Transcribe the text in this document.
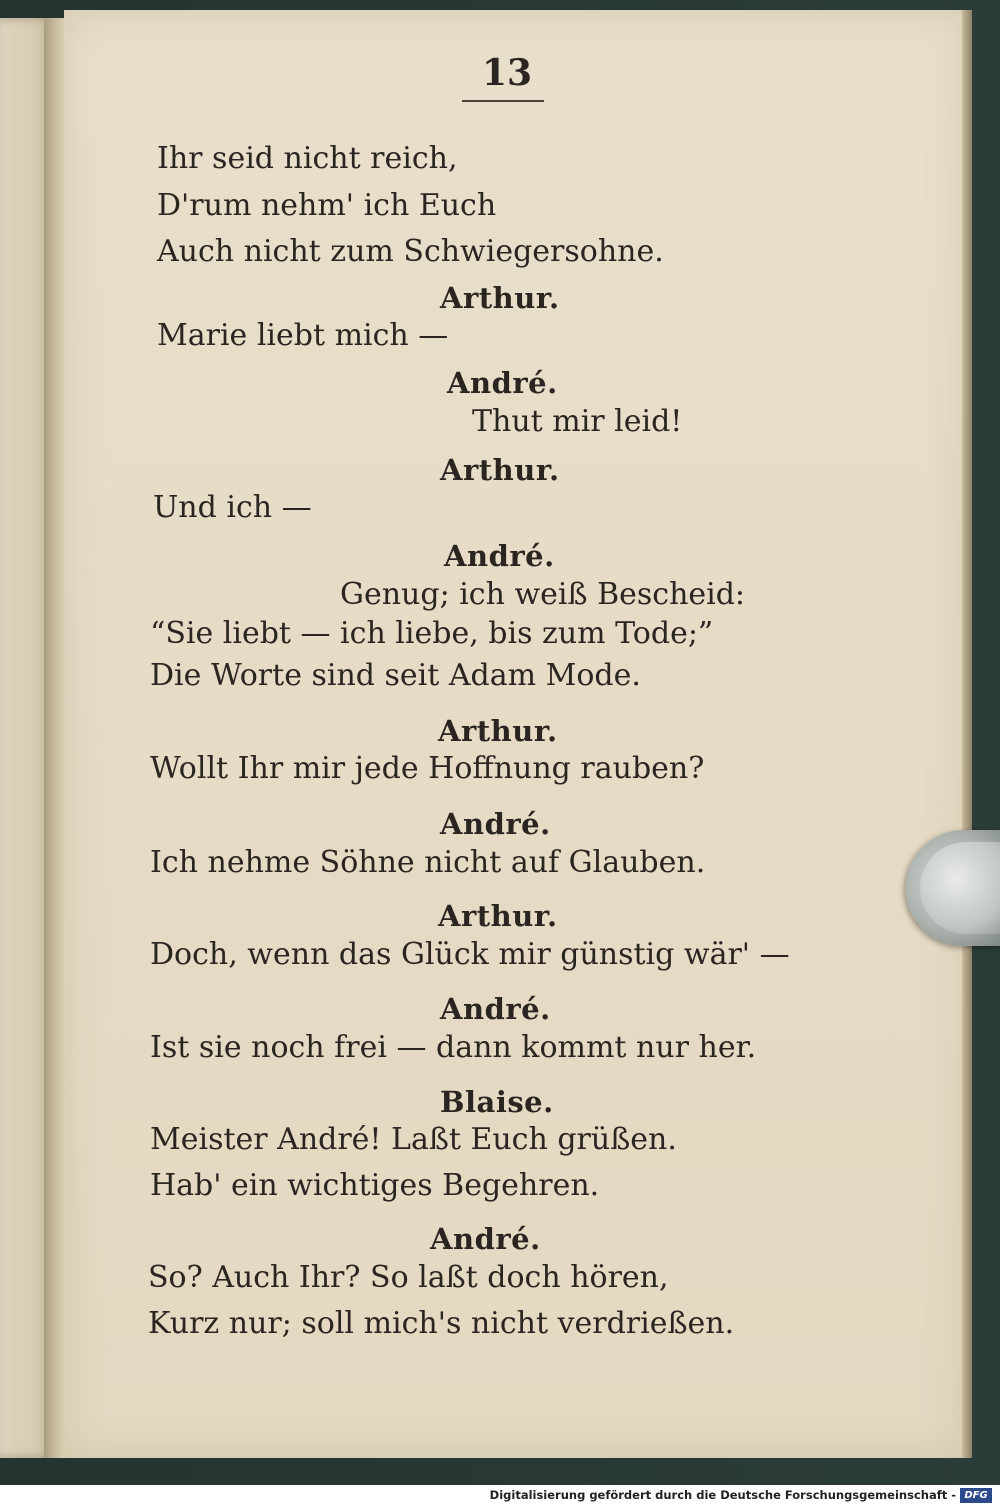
13
Ihr seid nicht reich,
D'rum nehm' ich Euch
Auch nicht zum Schwiegersohne.
Arthur.
Marie liebt mich —
André.
Thut mir leid!
Arthur.
Und ich —
André.
Genug; ich weiß Bescheid:
“Sie liebt — ich liebe, bis zum Tode;”
Die Worte sind seit Adam Mode.
Arthur.
Wollt Ihr mir jede Hoffnung rauben?
André.
Ich nehme Söhne nicht auf Glauben.
Arthur.
Doch, wenn das Glück mir günstig wär' —
André.
Ist sie noch frei — dann kommt nur her.
Blaise.
Meister André! Laßt Euch grüßen.
Hab' ein wichtiges Begehren.
André.
So? Auch Ihr? So laßt doch hören,
Kurz nur; soll mich's nicht verdrießen.
Digitalisierung gefördert durch die Deutsche Forschungsgemeinschaft - DFG
